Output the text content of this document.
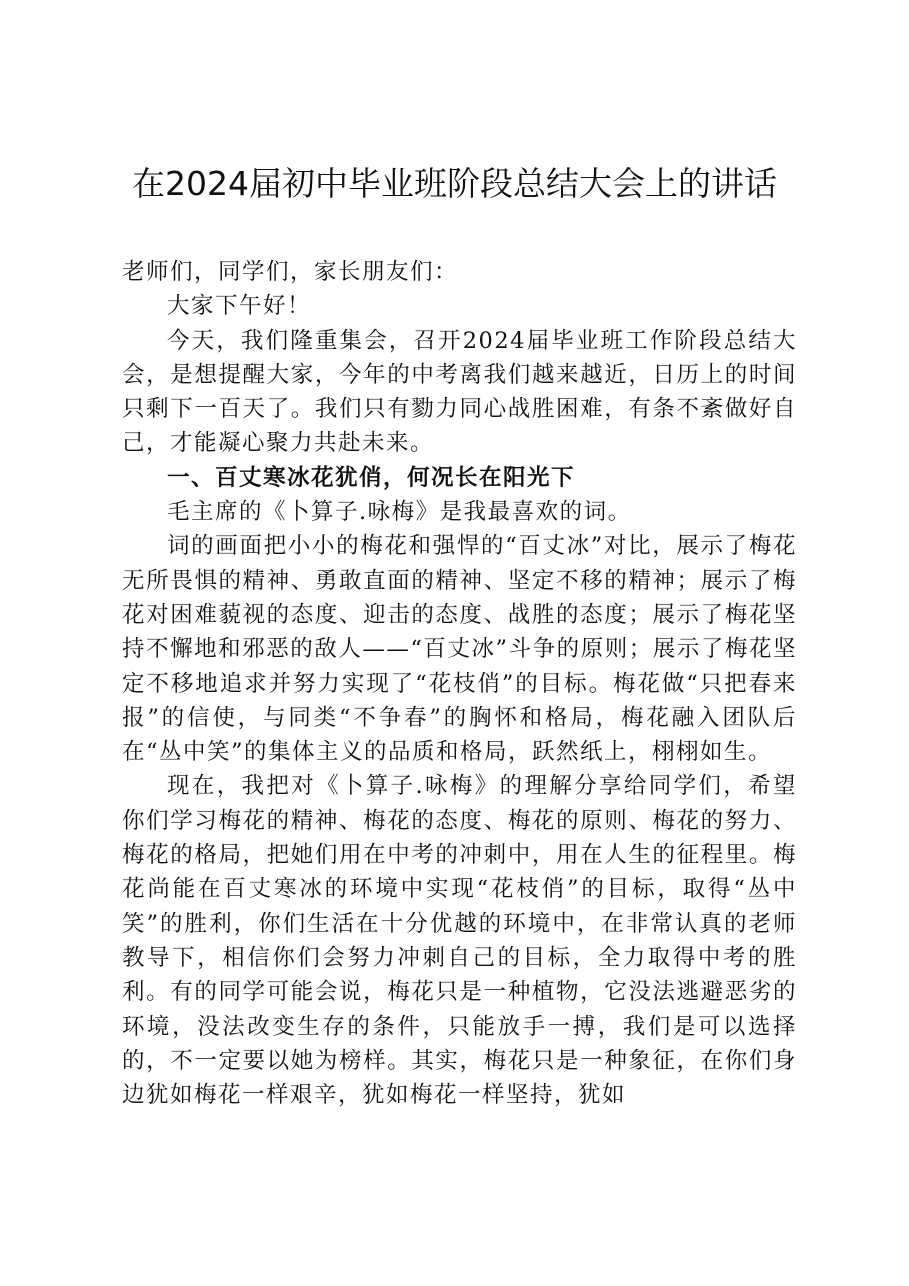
在2024届初中毕业班阶段总结大会上的讲话

老师们，同学们，家长朋友们：

大家下午好！

今天，我们隆重集会，召开2024届毕业班工作阶段总结大会，是想提醒大家，今年的中考离我们越来越近，日历上的时间只剩下一百天了。我们只有勠力同心战胜困难，有条不紊做好自己，才能凝心聚力共赴未来。

一、百丈寒冰花犹俏，何况长在阳光下

毛主席的《卜算子.咏梅》是我最喜欢的词。

词的画面把小小的梅花和强悍的“百丈冰”对比，展示了梅花无所畏惧的精神、勇敢直面的精神、坚定不移的精神；展示了梅花对困难藐视的态度、迎击的态度、战胜的态度；展示了梅花坚持不懈地和邪恶的敌人——“百丈冰”斗争的原则；展示了梅花坚定不移地追求并努力实现了“花枝俏”的目标。梅花做“只把春来报”的信使，与同类“不争春”的胸怀和格局，梅花融入团队后在“丛中笑”的集体主义的品质和格局，跃然纸上，栩栩如生。

现在，我把对《卜算子.咏梅》的理解分享给同学们，希望你们学习梅花的精神、梅花的态度、梅花的原则、梅花的努力、梅花的格局，把她们用在中考的冲刺中，用在人生的征程里。梅花尚能在百丈寒冰的环境中实现“花枝俏”的目标，取得“丛中笑”的胜利，你们生活在十分优越的环境中，在非常认真的老师教导下，相信你们会努力冲刺自己的目标，全力取得中考的胜利。有的同学可能会说，梅花只是一种植物，它没法逃避恶劣的环境，没法改变生存的条件，只能放手一搏，我们是可以选择的，不一定要以她为榜样。其实，梅花只是一种象征，在你们身边犹如梅花一样艰辛，犹如梅花一样坚持，犹如
